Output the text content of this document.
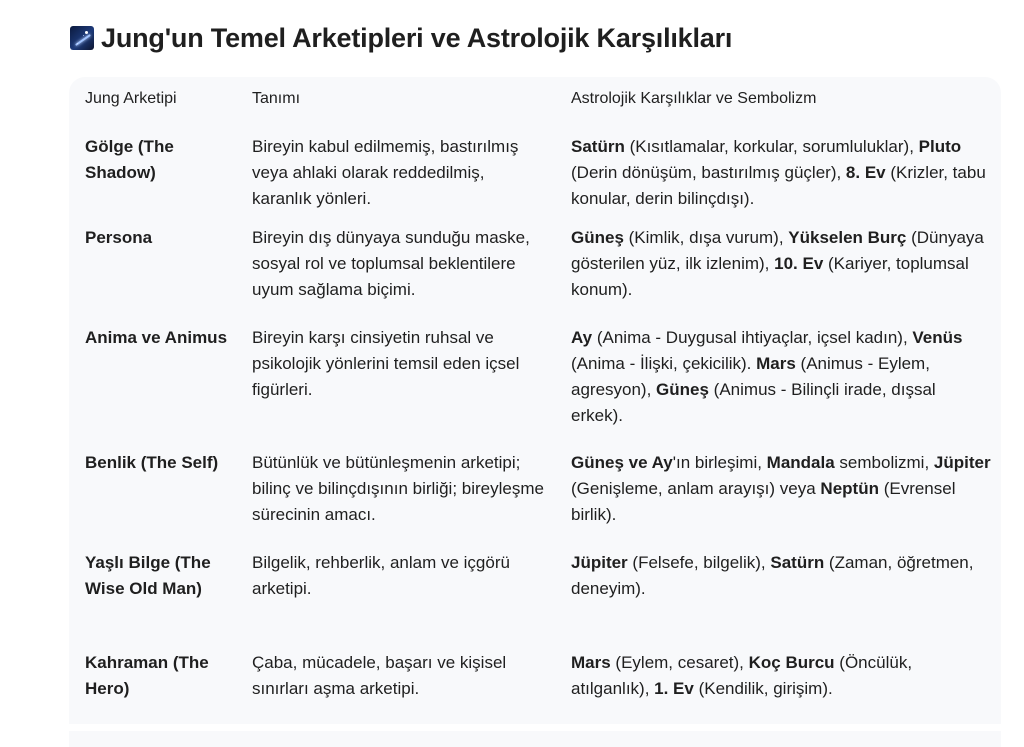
Jung'un Temel Arketipleri ve Astrolojik Karşılıkları
Jung Arketipi	Tanımı	Astrolojik Karşılıklar ve Sembolizm
Gölge (The Shadow)	Bireyin kabul edilmemiş, bastırılmış veya ahlaki olarak reddedilmiş, karanlık yönleri.	Satürn (Kısıtlamalar, korkular, sorumluluklar), Pluto (Derin dönüşüm, bastırılmış güçler), 8. Ev (Krizler, tabu konular, derin bilinçdışı).
Persona	Bireyin dış dünyaya sunduğu maske, sosyal rol ve toplumsal beklentilere uyum sağlama biçimi.	Güneş (Kimlik, dışa vurum), Yükselen Burç (Dünyaya gösterilen yüz, ilk izlenim), 10. Ev (Kariyer, toplumsal konum).
Anima ve Animus	Bireyin karşı cinsiyetin ruhsal ve psikolojik yönlerini temsil eden içsel figürleri.	Ay (Anima - Duygusal ihtiyaçlar, içsel kadın), Venüs (Anima - İlişki, çekicilik). Mars (Animus - Eylem, agresyon), Güneş (Animus - Bilinçli irade, dışsal erkek).
Benlik (The Self)	Bütünlük ve bütünleşmenin arketipi; bilinç ve bilinçdışının birliği; bireyleşme sürecinin amacı.	Güneş ve Ay'ın birleşimi, Mandala sembolizmi, Jüpiter (Genişleme, anlam arayışı) veya Neptün (Evrensel birlik).
Yaşlı Bilge (The Wise Old Man)	Bilgelik, rehberlik, anlam ve içgörü arketipi.	Jüpiter (Felsefe, bilgelik), Satürn (Zaman, öğretmen, deneyim).
Kahraman (The Hero)	Çaba, mücadele, başarı ve kişisel sınırları aşma arketipi.	Mars (Eylem, cesaret), Koç Burcu (Öncülük, atılganlık), 1. Ev (Kendilik, girişim).
